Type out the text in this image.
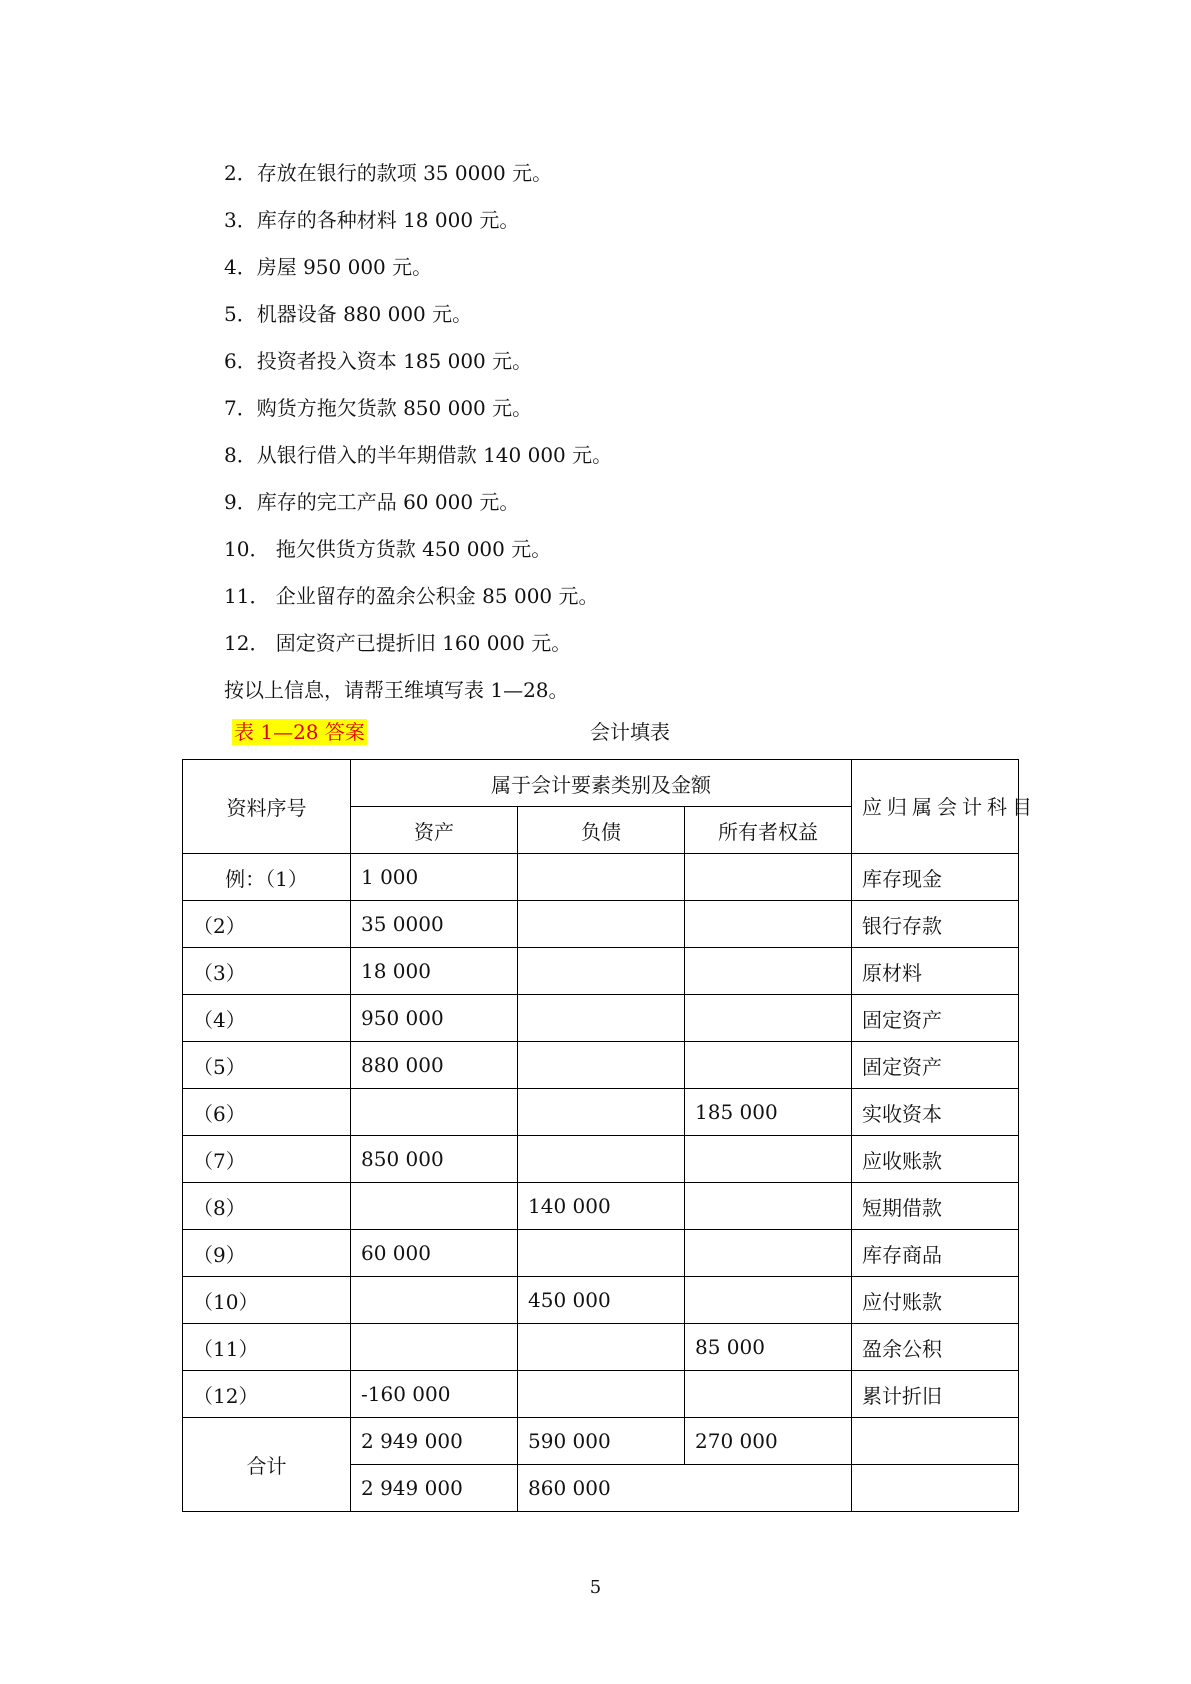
2．存放在银行的款项 35 0000 元。
3．库存的各种材料 18 000 元。
4．房屋 950 000 元。
5．机器设备 880 000 元。
6．投资者投入资本 185 000 元。
7．购货方拖欠货款 850 000 元。
8．从银行借入的半年期借款 140 000 元。
9．库存的完工产品 60 000 元。
10． 拖欠供货方货款 450 000 元。
11． 企业留存的盈余公积金 85 000 元。
12． 固定资产已提折旧 160 000 元。
按以上信息，请帮王维填写表 1—28。
表 1—28 答案	会计填表
资料序号	属于会计要素类别及金额			应归属会计科目
	资产	负债	所有者权益	
例：（1）	1 000			库存现金
（2）	35 0000			银行存款
（3）	18 000			原材料
（4）	950 000			固定资产
（5）	880 000			固定资产
（6）			185 000	实收资本
（7）	850 000			应收账款
（8）		140 000		短期借款
（9）	60 000			库存商品
（10）		450 000		应付账款
（11）			85 000	盈余公积
（12）	-160 000			累计折旧
合计	2 949 000	590 000	270 000	
	2 949 000	860 000		
5
